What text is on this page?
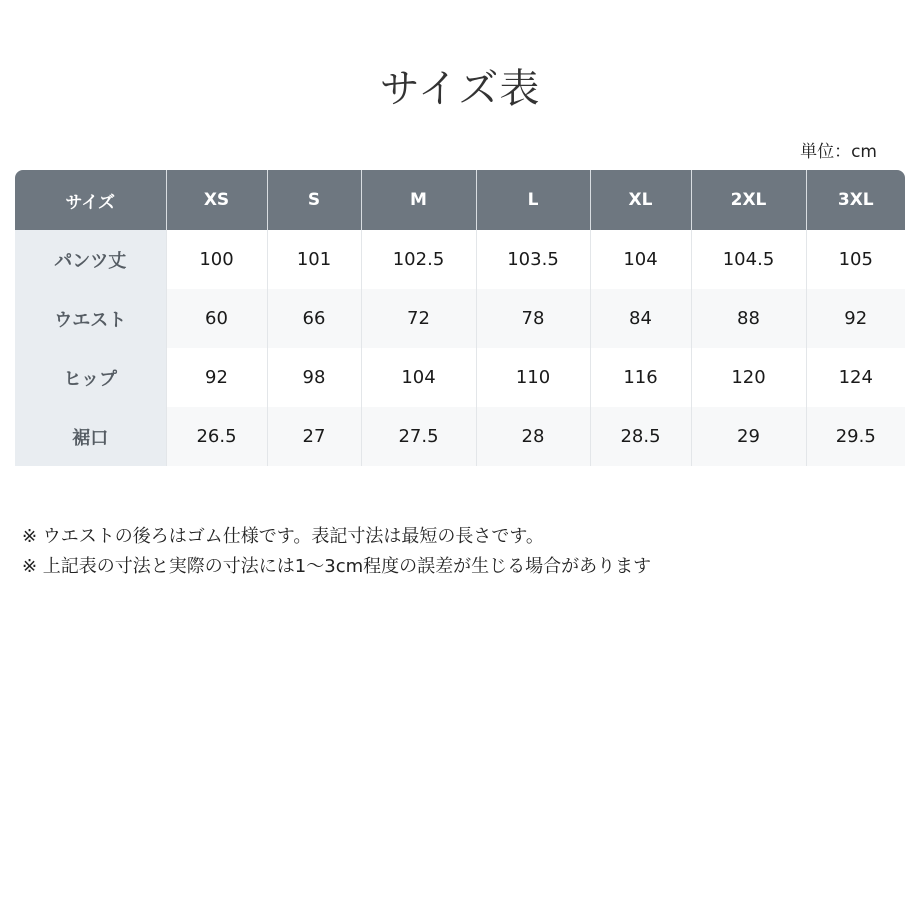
サイズ表
単位：cm
サイズ	XS	S	M	L	XL	2XL	3XL
パンツ丈	100	101	102.5	103.5	104	104.5	105
ウエスト	60	66	72	78	84	88	92
ヒップ	92	98	104	110	116	120	124
裾口	26.5	27	27.5	28	28.5	29	29.5
※ ウエストの後ろはゴム仕様です。表記寸法は最短の長さです。
※ 上記表の寸法と実際の寸法には1〜3cm程度の誤差が生じる場合があります
